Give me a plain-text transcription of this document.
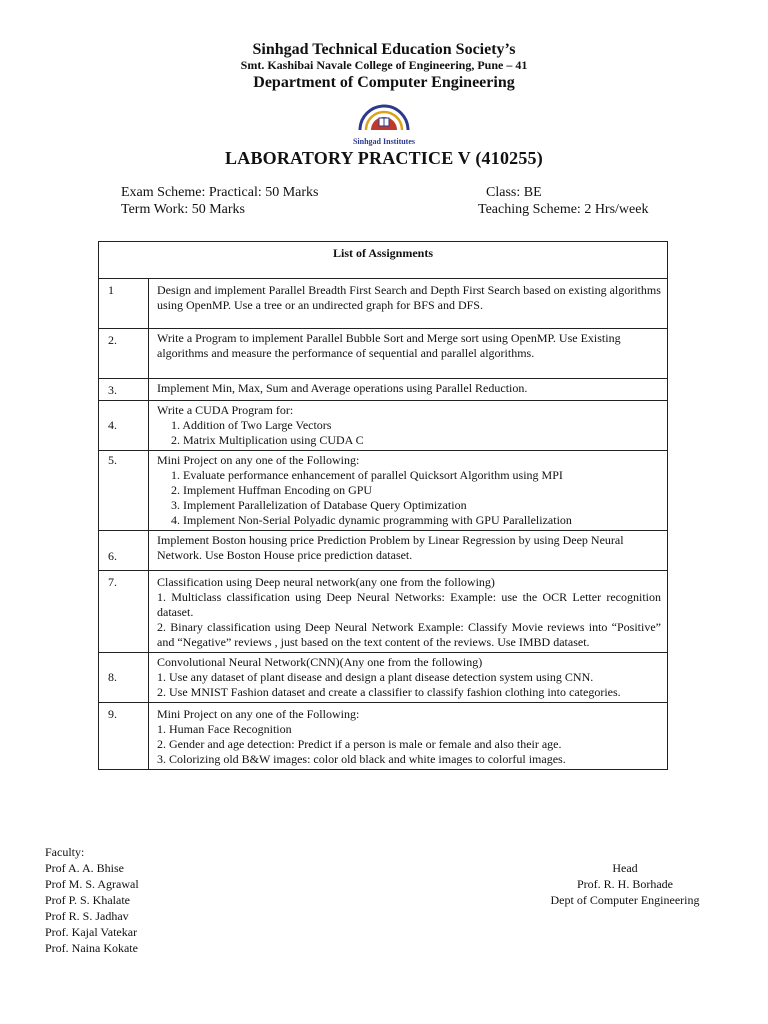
Sinhgad Technical Education Society’s
Smt. Kashibai Navale College of Engineering, Pune – 41
Department of Computer Engineering
Sinhgad Institutes
LABORATORY PRACTICE V (410255)
Exam Scheme: Practical: 50 Marks
Term Work: 50 Marks
Class: BE
Teaching Scheme: 2 Hrs/week
List of Assignments	
1	Design and implement Parallel Breadth First Search and Depth First Search based on existing algorithms using OpenMP. Use a tree or an undirected graph for BFS and DFS.
2.	Write a Program to implement Parallel Bubble Sort and Merge sort using OpenMP. Use Existing algorithms and measure the performance of sequential and parallel algorithms.
3.	Implement Min, Max, Sum and Average operations using Parallel Reduction.
4.	Write a CUDA Program for:
1. Addition of Two Large Vectors
2. Matrix Multiplication using CUDA C

5.	Mini Project on any one of the Following:
1. Evaluate performance enhancement of parallel Quicksort Algorithm using MPI
2. Implement Huffman Encoding on GPU
3. Implement Parallelization of Database Query Optimization
4. Implement Non-Serial Polyadic dynamic programming with GPU Parallelization

6.	Implement Boston housing price Prediction Problem by Linear Regression by using Deep Neural Network. Use Boston House price prediction dataset.
7.	Classification using Deep neural network(any one from the following)
1. Multiclass classification using Deep Neural Networks: Example: use the OCR Letter recognition dataset.
2. Binary classification using Deep Neural Network Example: Classify Movie reviews into “Positive” and “Negative” reviews , just based on the text content of the reviews. Use IMBD dataset.

8.	Convolutional Neural Network(CNN)(Any one from the following)
1. Use any dataset of plant disease and design a plant disease detection system using CNN.
2. Use MNIST Fashion dataset and create a classifier to classify fashion clothing into categories.

9.	Mini Project on any one of the Following:
1. Human Face Recognition
2. Gender and age detection: Predict if a person is male or female and also their age.
3. Colorizing old B&W images: color old black and white images to colorful images.
Faculty:
Prof A. A. Bhise
Prof M. S. Agrawal
Prof P. S. Khalate
Prof R. S. Jadhav
Prof. Kajal Vatekar
Prof. Naina Kokate
Head
Prof. R. H. Borhade
Dept of Computer Engineering
